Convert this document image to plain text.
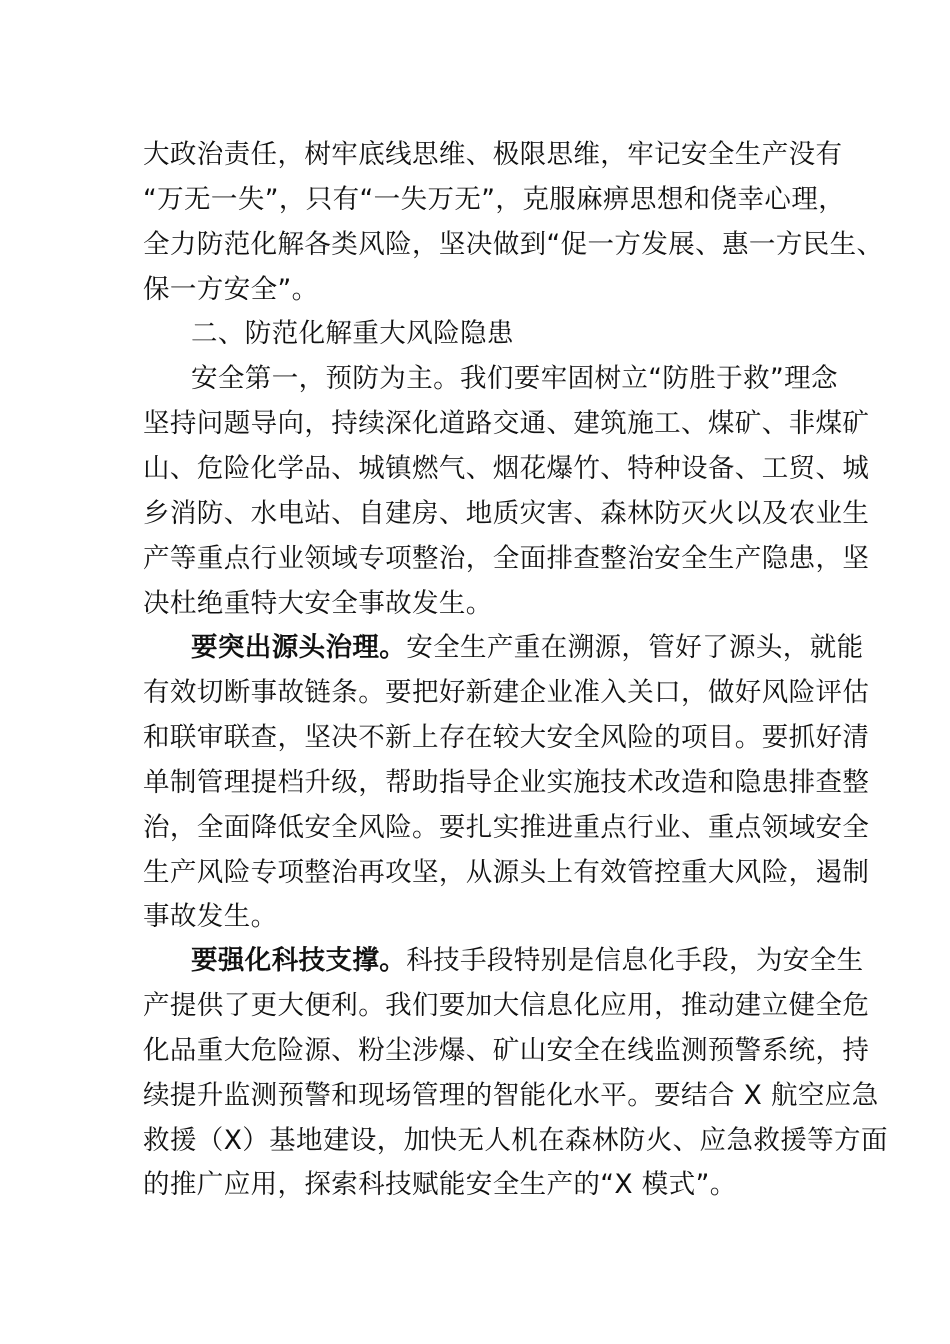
大政治责任，树牢底线思维、极限思维，牢记安全生产没有
“万无一失”，只有“一失万无”，克服麻痹思想和侥幸心理，
全力防范化解各类风险，坚决做到“促一方发展、惠一方民生、
保一方安全”。
二、防范化解重大风险隐患
安全第一，预防为主。我们要牢固树立“防胜于救”理念
坚持问题导向，持续深化道路交通、建筑施工、煤矿、非煤矿
山、危险化学品、城镇燃气、烟花爆竹、特种设备、工贸、城
乡消防、水电站、自建房、地质灾害、森林防灭火以及农业生
产等重点行业领域专项整治，全面排查整治安全生产隐患，坚
决杜绝重特大安全事故发生。
要突出源头治理。安全生产重在溯源，管好了源头，就能
有效切断事故链条。要把好新建企业准入关口，做好风险评估
和联审联查，坚决不新上存在较大安全风险的项目。要抓好清
单制管理提档升级，帮助指导企业实施技术改造和隐患排查整
治，全面降低安全风险。要扎实推进重点行业、重点领域安全
生产风险专项整治再攻坚，从源头上有效管控重大风险，遏制
事故发生。
要强化科技支撑。科技手段特别是信息化手段，为安全生
产提供了更大便利。我们要加大信息化应用，推动建立健全危
化品重大危险源、粉尘涉爆、矿山安全在线监测预警系统，持
续提升监测预警和现场管理的智能化水平。要结合 X 航空应急
救援（X）基地建设，加快无人机在森林防火、应急救援等方面
的推广应用，探索科技赋能安全生产的“X 模式”。
